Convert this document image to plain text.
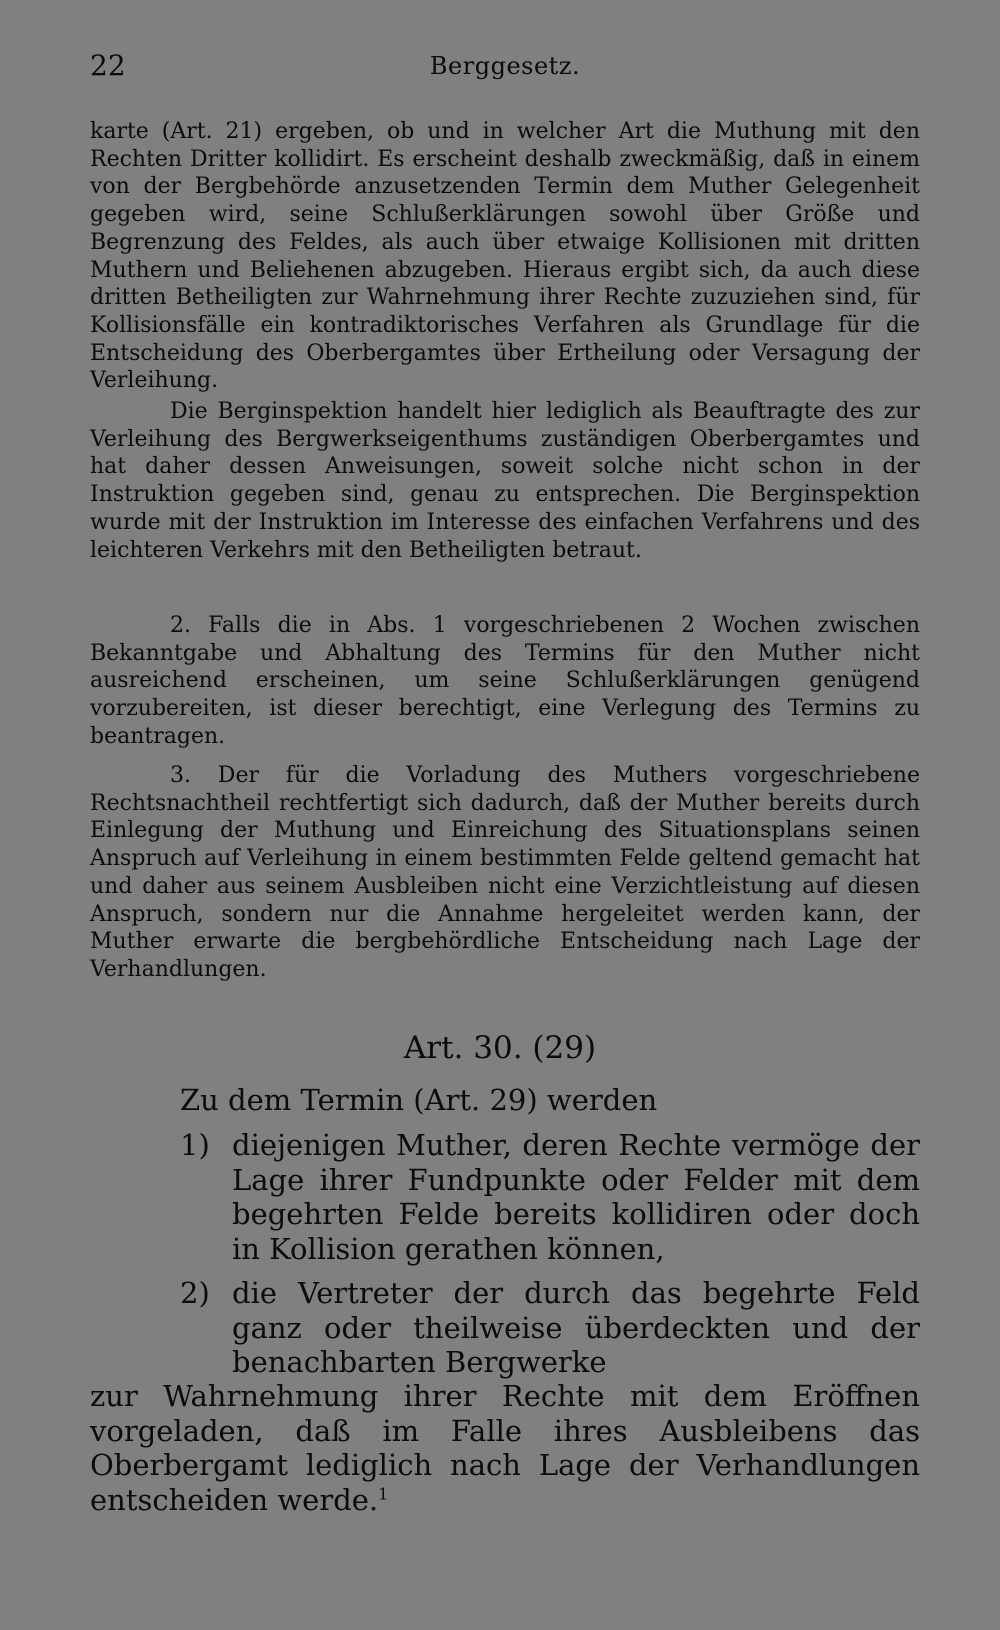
22	Berggesetz.

karte (Art. 21) ergeben, ob und in welcher Art die Muthung mit den Rechten Dritter kollidirt. Es erscheint deshalb zweckmäßig, daß in einem von der Bergbehörde anzusetzenden Termin dem Muther Gelegenheit gegeben wird, seine Schlußerklärungen sowohl über Größe und Begrenzung des Feldes, als auch über etwaige Kollisionen mit dritten Muthern und Beliehenen abzugeben. Hieraus ergibt sich, da auch diese dritten Betheiligten zur Wahrnehmung ihrer Rechte zuzuziehen sind, für Kollisionsfälle ein kontradiktorisches Verfahren als Grundlage für die Entscheidung des Oberbergamtes über Ertheilung oder Versagung der Verleihung.

Die Berginspektion handelt hier lediglich als Beauftragte des zur Verleihung des Bergwerkseigenthums zuständigen Oberbergamtes und hat daher dessen Anweisungen, soweit solche nicht schon in der Instruktion gegeben sind, genau zu entsprechen. Die Berginspektion wurde mit der Instruktion im Interesse des einfachen Verfahrens und des leichteren Verkehrs mit den Betheiligten betraut.

2. Falls die in Abs. 1 vorgeschriebenen 2 Wochen zwischen Bekanntgabe und Abhaltung des Termins für den Muther nicht ausreichend erscheinen, um seine Schlußerklärungen genügend vorzubereiten, ist dieser berechtigt, eine Verlegung des Termins zu beantragen.

3. Der für die Vorladung des Muthers vorgeschriebene Rechtsnachtheil rechtfertigt sich dadurch, daß der Muther bereits durch Einlegung der Muthung und Einreichung des Situationsplans seinen Anspruch auf Verleihung in einem bestimmten Felde geltend gemacht hat und daher aus seinem Ausbleiben nicht eine Verzichtleistung auf diesen Anspruch, sondern nur die Annahme hergeleitet werden kann, der Muther erwarte die bergbehördliche Entscheidung nach Lage der Verhandlungen.

Art. 30. (29)
Zu dem Termin (Art. 29) werden
1) diejenigen Muther, deren Rechte vermöge der Lage ihrer Fundpunkte oder Felder mit dem begehrten Felde bereits kollidiren oder doch in Kollision gerathen können,
2) die Vertreter der durch das begehrte Feld ganz oder theilweise überdeckten und der benachbarten Bergwerke
zur Wahrnehmung ihrer Rechte mit dem Eröffnen vorgeladen, daß im Falle ihres Ausbleibens das Oberbergamt lediglich nach Lage der Verhandlungen entscheiden werde.$^1$
